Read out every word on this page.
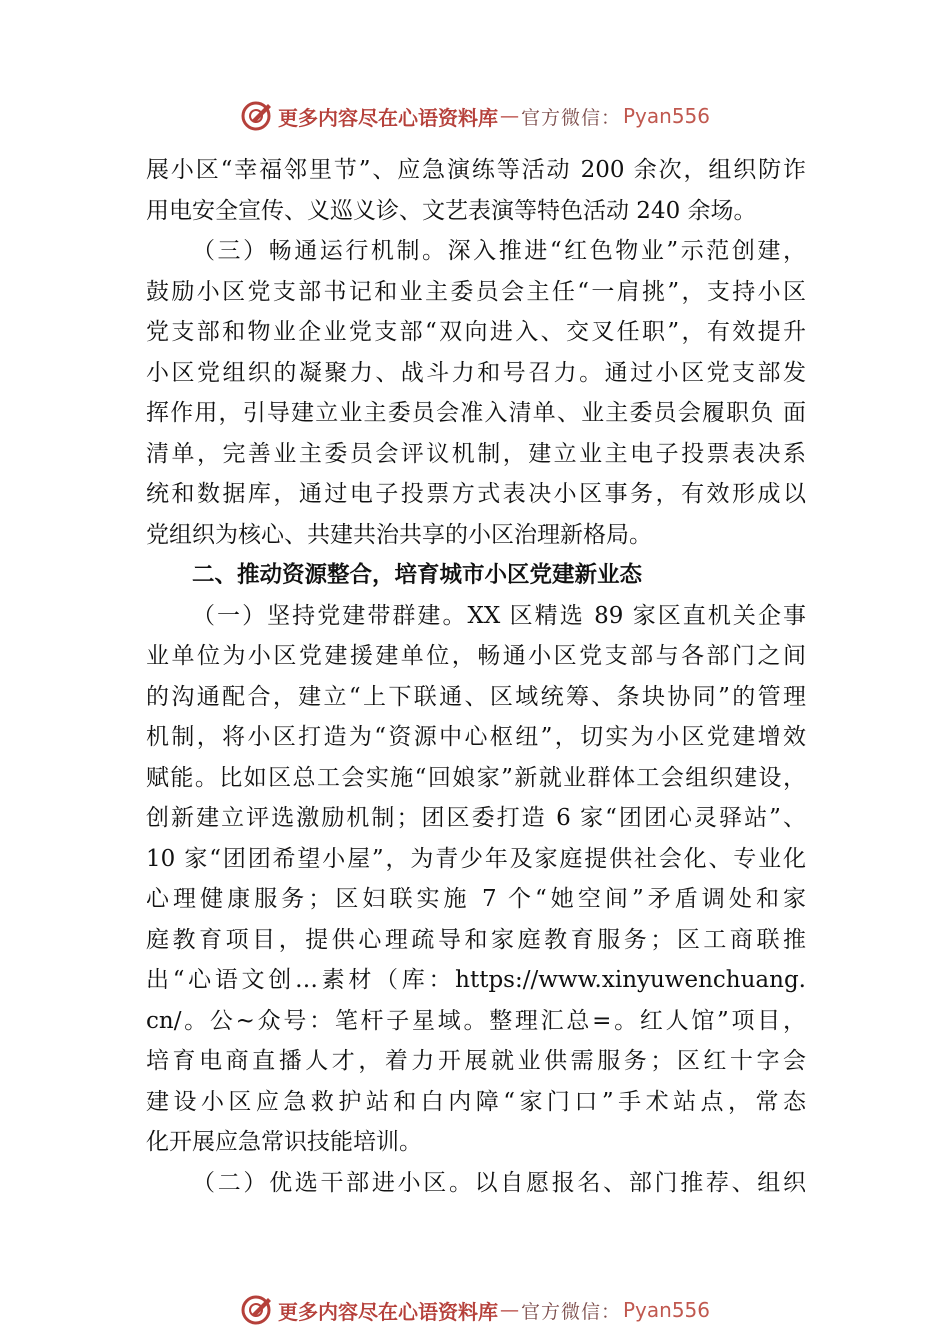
更多内容尽在心语资料库 — 官方微信： Pyan556
展小区“幸福邻里节”、应急演练等活动 200 余次，组织防诈
用电安全宣传、义巡义诊、文艺表演等特色活动 240 余场。
（三）畅通运行机制。深入推进“红色物业”示范创建，
鼓励小区党支部书记和业主委员会主任“一肩挑”，支持小区
党支部和物业企业党支部“双向进入、交叉任职”，有效提升
小区党组织的凝聚力、战斗力和号召力。通过小区党支部发
挥作用，引导建立业主委员会准入清单、业主委员会履职负 面
清单，完善业主委员会评议机制，建立业主电子投票表决系
统和数据库，通过电子投票方式表决小区事务，有效形成以
党组织为核心、共建共治共享的小区治理新格局。
二、推动资源整合，培育城市小区党建新业态
（一）坚持党建带群建。XX 区精选 89 家区直机关企事
业单位为小区党建援建单位，畅通小区党支部与各部门之间
的沟通配合，建立“上下联通、区域统筹、条块协同”的管理
机制，将小区打造为“资源中心枢纽”，切实为小区党建增效
赋能。比如区总工会实施“回娘家”新就业群体工会组织建设，
创新建立评选激励机制；团区委打造 6 家“团团心灵驿站”、
10 家“团团希望小屋”，为青少年及家庭提供社会化、专业化
心理健康服务；区妇联实施 7 个“她空间”矛盾调处和家
庭教育项目，提供心理疏导和家庭教育服务；区工商联推
出“心语文创…素材（库：https://www.xinyuwenchuang.
cn/。公~众号：笔杆子星域。整理汇总=。红人馆”项目，
培育电商直播人才，着力开展就业供需服务；区红十字会
建设小区应急救护站和白内障“家门口”手术站点，常态
化开展应急常识技能培训。
（二）优选干部进小区。以自愿报名、部门推荐、组织
更多内容尽在心语资料库 — 官方微信： Pyan556
